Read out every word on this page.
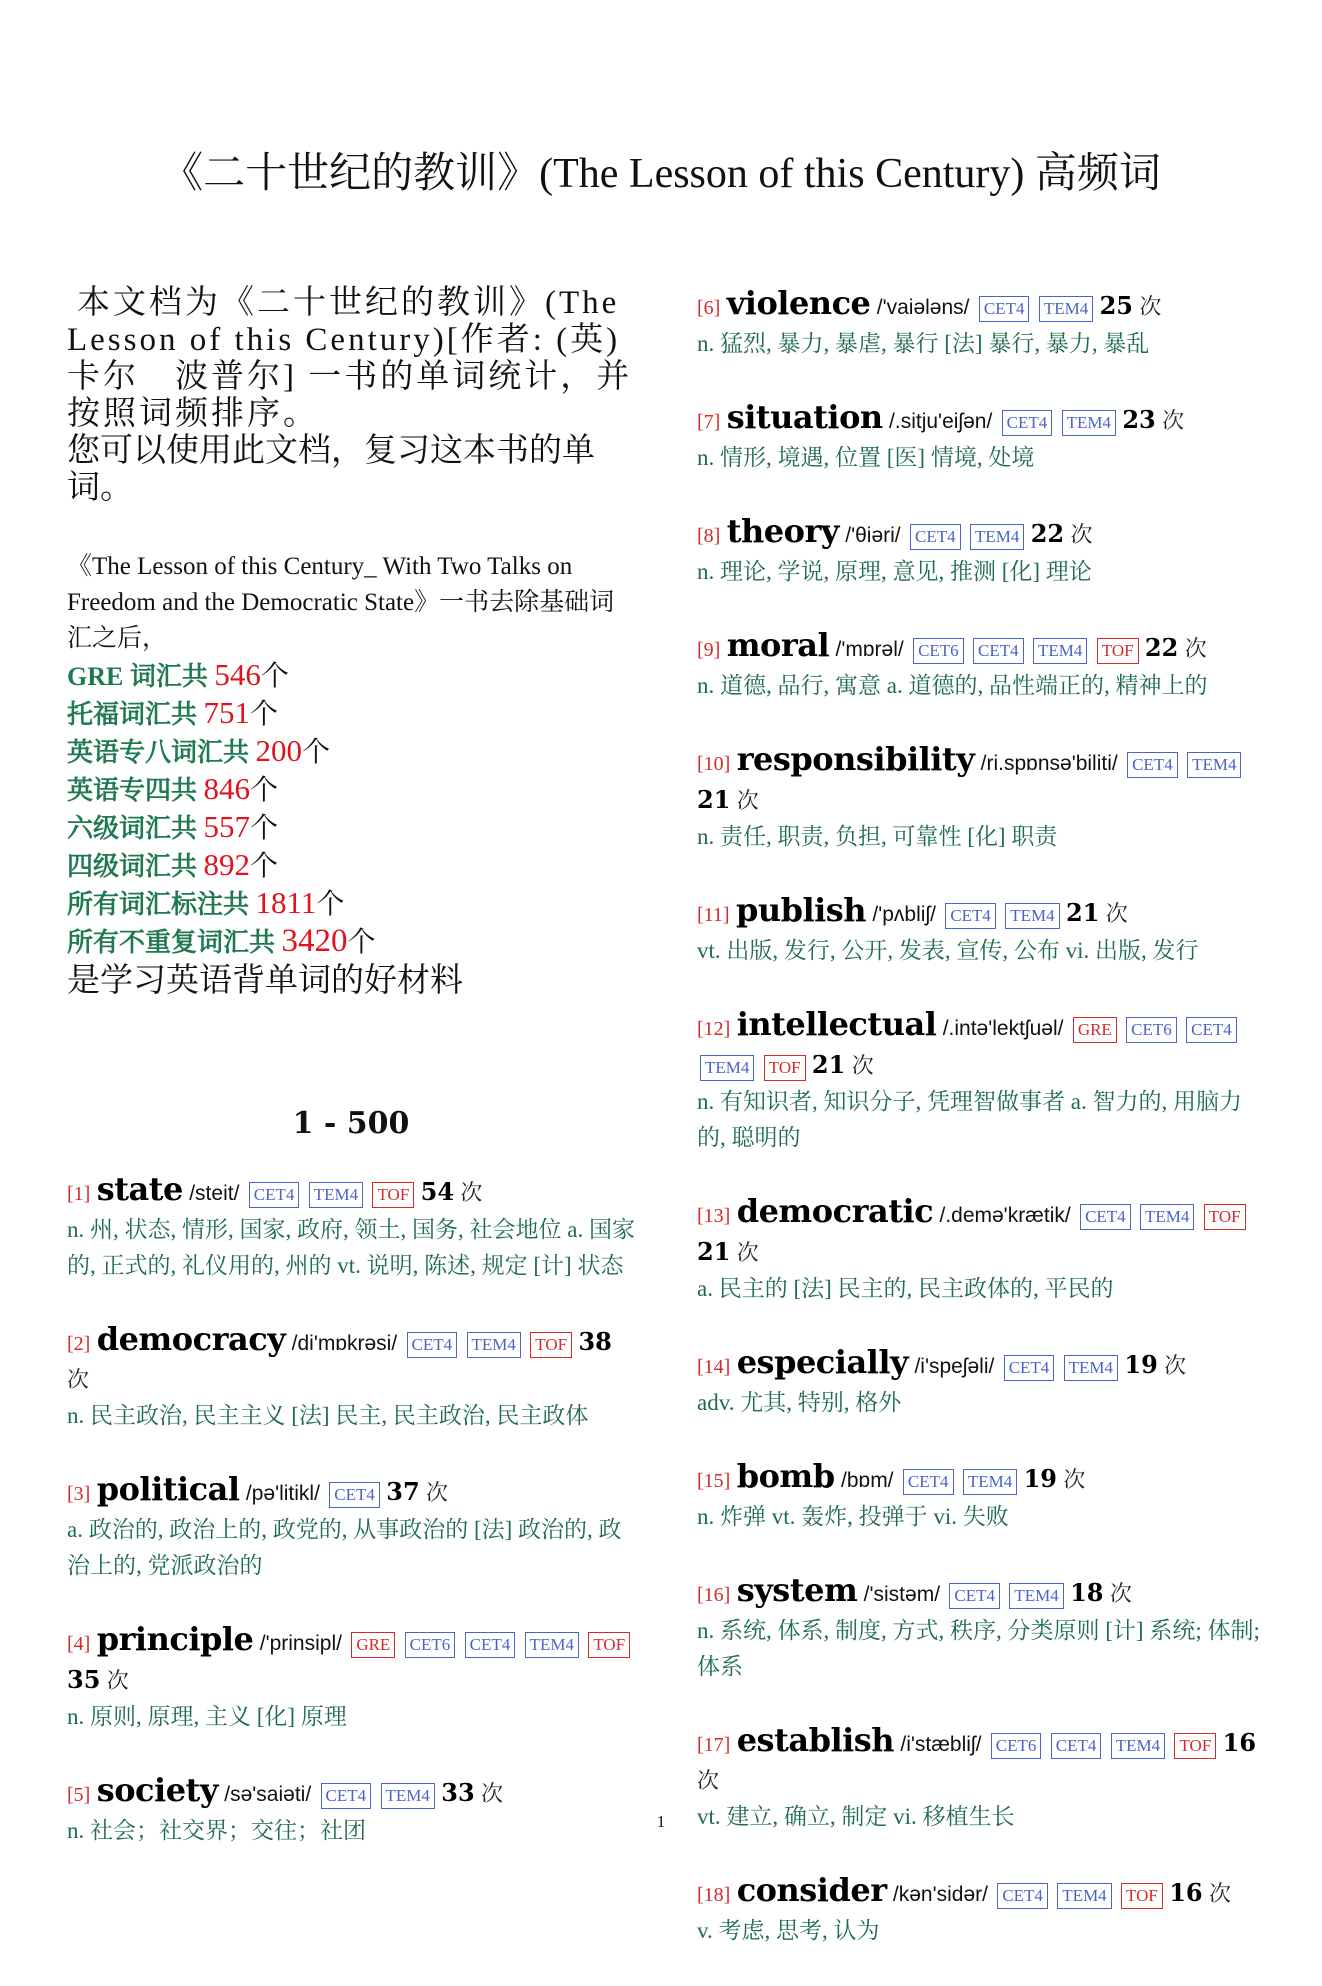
《二十世纪的教训》(The Lesson of this Century) 高频词

本文档为《二十世纪的教训》(The Lesson of this Century)[作者: (英) 卡尔　波普尔] 一书的单词统计，并按照词频排序。

您可以使用此文档，复习这本书的单词。

《The Lesson of this Century_ With Two Talks on Freedom and the Democratic State》一书去除基础词汇之后，

GRE 词汇共 546个
托福词汇共 751个
英语专八词汇共 200个
英语专四共 846个
六级词汇共 557个
四级词汇共 892个
所有词汇标注共 1811个
所有不重复词汇共 3420个
是学习英语背单词的好材料
1 - 500
[1] state /steit/ CET4 TEM4 TOF 54 次
n. 州, 状态, 情形, 国家, 政府, 领土, 国务, 社会地位 a. 国家的, 正式的, 礼仪用的, 州的 vt. 说明, 陈述, 规定 [计] 状态
[2] democracy /di'mɒkrəsi/ CET4 TEM4 TOF 38 次
n. 民主政治, 民主主义 [法] 民主, 民主政治, 民主政体
[3] political /pə'litikl/ CET4 37 次
a. 政治的, 政治上的, 政党的, 从事政治的 [法] 政治的, 政治上的, 党派政治的
[4] principle /'prinsipl/ GRE CET6 CET4 TEM4 TOF 35 次
n. 原则, 原理, 主义 [化] 原理
[5] society /sə'saiəti/ CET4 TEM4 33 次
n. 社会；社交界；交往；社团
[6] violence /'vaiələns/ CET4 TEM4 25 次
n. 猛烈, 暴力, 暴虐, 暴行 [法] 暴行, 暴力, 暴乱
[7] situation /.sitju'eiʃən/ CET4 TEM4 23 次
n. 情形, 境遇, 位置 [医] 情境, 处境
[8] theory /'θiəri/ CET4 TEM4 22 次
n. 理论, 学说, 原理, 意见, 推测 [化] 理论
[9] moral /'mɒrəl/ CET6 CET4 TEM4 TOF 22 次
n. 道德, 品行, 寓意 a. 道德的, 品性端正的, 精神上的
[10] responsibility /ri.spɒnsə'biliti/ CET4 TEM4 21 次
n. 责任, 职责, 负担, 可靠性 [化] 职责
[11] publish /'pʌbliʃ/ CET4 TEM4 21 次
vt. 出版, 发行, 公开, 发表, 宣传, 公布 vi. 出版, 发行
[12] intellectual /.intə'lektʃuəl/ GRE CET6 CET4 TEM4 TOF 21 次
n. 有知识者, 知识分子, 凭理智做事者 a. 智力的, 用脑力的, 聪明的
[13] democratic /.demə'krætik/ CET4 TEM4 TOF 21 次
a. 民主的 [法] 民主的, 民主政体的, 平民的
[14] especially /i'speʃəli/ CET4 TEM4 19 次
adv. 尤其, 特别, 格外
[15] bomb /bɒm/ CET4 TEM4 19 次
n. 炸弹 vt. 轰炸, 投弹于 vi. 失败
[16] system /'sistəm/ CET4 TEM4 18 次
n. 系统, 体系, 制度, 方式, 秩序, 分类原则 [计] 系统; 体制; 体系
[17] establish /i'stæbliʃ/ CET6 CET4 TEM4 TOF 16 次
vt. 建立, 确立, 制定 vi. 移植生长
[18] consider /kən'sidər/ CET4 TEM4 TOF 16 次
v. 考虑, 思考, 认为
1
